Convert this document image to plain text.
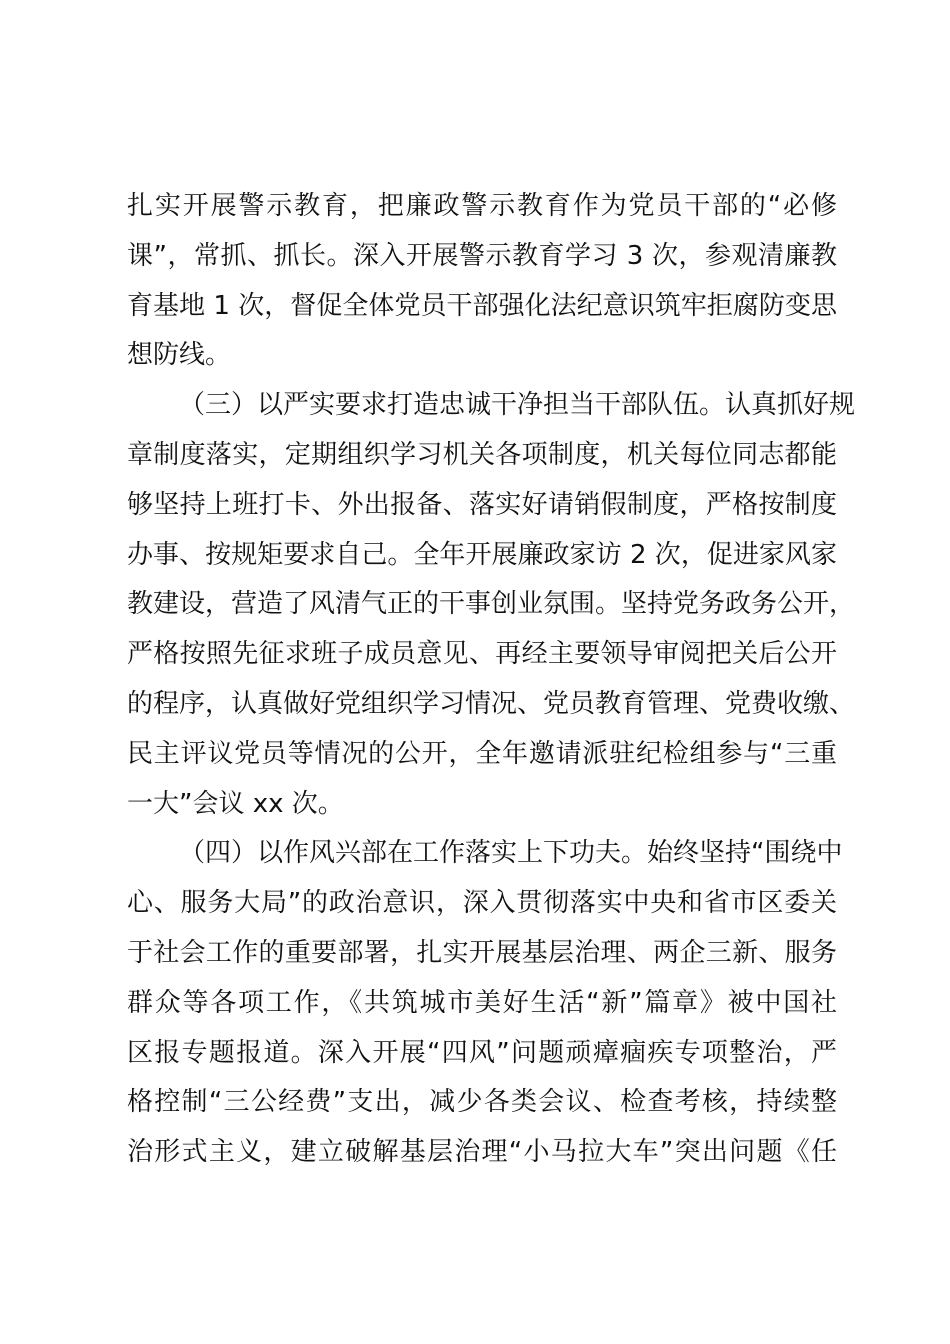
扎实开展警示教育，把廉政警示教育作为党员干部的“必修
课”，常抓、抓长。深入开展警示教育学习 3 次，参观清廉教
育基地 1 次，督促全体党员干部强化法纪意识筑牢拒腐防变思
想防线。
（三）以严实要求打造忠诚干净担当干部队伍。认真抓好规
章制度落实，定期组织学习机关各项制度，机关每位同志都能
够坚持上班打卡、外出报备、落实好请销假制度，严格按制度
办事、按规矩要求自己。全年开展廉政家访 2 次，促进家风家
教建设，营造了风清气正的干事创业氛围。坚持党务政务公开，
严格按照先征求班子成员意见、再经主要领导审阅把关后公开
的程序，认真做好党组织学习情况、党员教育管理、党费收缴、
民主评议党员等情况的公开，全年邀请派驻纪检组参与“三重
一大”会议 xx 次。
（四）以作风兴部在工作落实上下功夫。始终坚持“围绕中
心、服务大局”的政治意识，深入贯彻落实中央和省市区委关
于社会工作的重要部署，扎实开展基层治理、两企三新、服务
群众等各项工作，《共筑城市美好生活“新”篇章》被中国社
区报专题报道。深入开展“四风”问题顽瘴痼疾专项整治，严
格控制“三公经费”支出，减少各类会议、检查考核，持续整
治形式主义，建立破解基层治理“小马拉大车”突出问题《任
